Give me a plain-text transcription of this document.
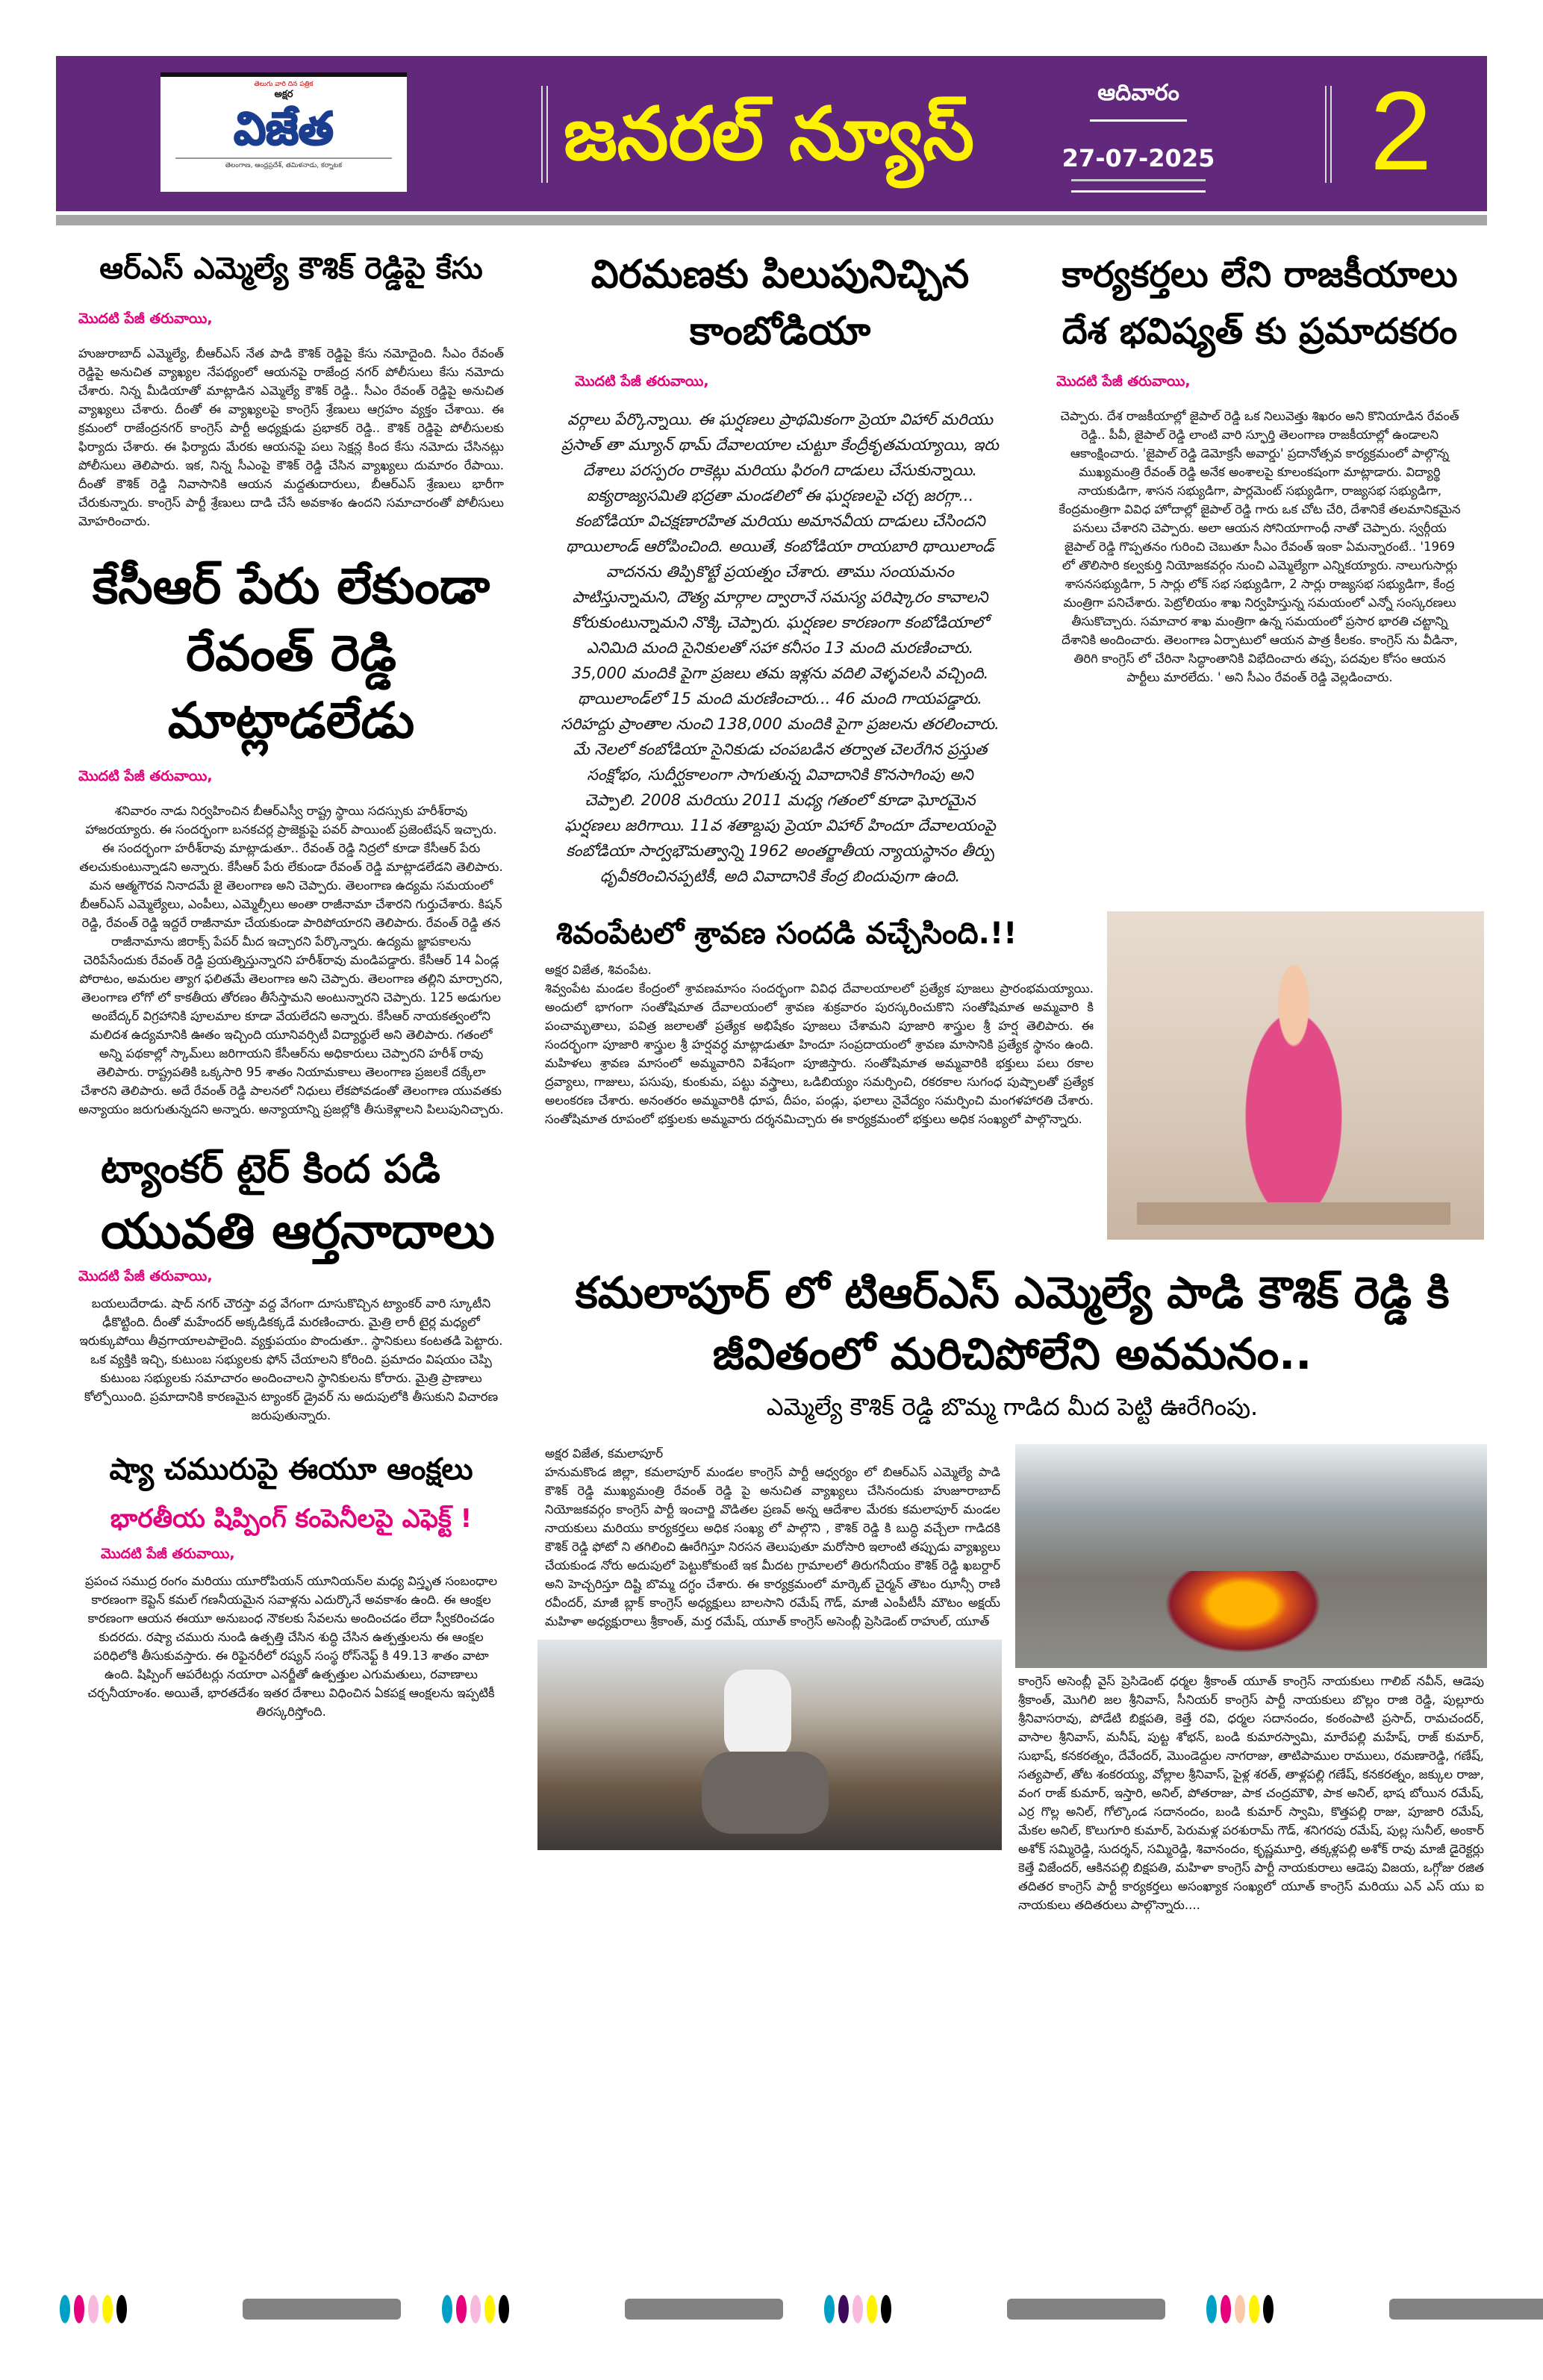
తెలుగు వారి దిన పత్రిక
అక్షర
విజేత
తెలంగాణ, ఆంధ్రప్రదేశ్, తమిళనాడు, కర్నాటక	జనరల్ న్యూస్	ఆదివారం
27-07-2025 2
ఆర్ఎస్ ఎమ్మెల్యే కౌశిక్ రెడ్డిపై కేసు
మొదటి పేజీ తరువాయి,

హుజురాబాద్ ఎమ్మెల్యే, బీఆర్ఎస్ నేత పాడి కౌశిక్ రెడ్డిపై కేసు నమోదైంది. సీఎం రేవంత్ రెడ్డిపై అనుచిత వ్యాఖ్యల నేపథ్యంలో ఆయనపై రాజేంద్ర నగర్ పోలీసులు కేసు నమోదు చేశారు. నిన్న మీడియాతో మాట్లాడిన ఎమ్మెల్యే కౌశిక్ రెడ్డి.. సీఎం రేవంత్ రెడ్డిపై అనుచిత వ్యాఖ్యలు చేశారు. దీంతో ఈ వ్యాఖ్యలపై కాంగ్రెస్ శ్రేణులు ఆగ్రహం వ్యక్తం చేశాయి. ఈ క్రమంలో రాజేంద్రనగర్ కాంగ్రెస్ పార్టీ అధ్యక్షుడు ప్రభాకర్ రెడ్డి.. కౌశిక్ రెడ్డిపై పోలీసులకు ఫిర్యాదు చేశారు. ఈ ఫిర్యాదు మేరకు ఆయనపై పలు సెక్షన్ల కింద కేసు నమోదు చేసినట్లు పోలీసులు తెలిపారు. ఇక, నిన్న సీఎంపై కౌశిక్ రెడ్డి చేసిన వ్యాఖ్యలు దుమారం రేపాయి. దీంతో కౌశిక్ రెడ్డి నివాసానికి ఆయన మద్దతుదారులు, బీఆర్ఎస్ శ్రేణులు భారీగా చేరుకున్నారు. కాంగ్రెస్ పార్టీ శ్రేణులు దాడి చేసే అవకాశం ఉందని సమాచారంతో పోలీసులు మోహరించారు.

కేసీఆర్ పేరు లేకుండా
రేవంత్ రెడ్డి మాట్లాడలేడు
మొదటి పేజీ తరువాయి,

శనివారం నాడు నిర్వహించిన బీఆర్ఎస్వీ రాష్ట్ర స్థాయి సదస్సుకు హరీశ్‌రావు హాజరయ్యారు. ఈ సందర్భంగా బనకచర్ల ప్రాజెక్టుపై పవర్ పాయింట్ ప్రజెంటేషన్ ఇచ్చారు. ఈ సందర్భంగా హరీశ్‌రావు మాట్లాడుతూ.. రేవంత్ రెడ్డి నిద్రలో కూడా కేసీఆర్ పేరు తలచుకుంటున్నాడని అన్నారు. కేసీఆర్ పేరు లేకుండా రేవంత్ రెడ్డి మాట్లాడలేడని తెలిపారు. మన ఆత్మగౌరవ నినాదమే జై తెలంగాణ అని చెప్పారు. తెలంగాణ ఉద్యమ సమయంలో బీఆర్ఎస్ ఎమ్మెల్యేలు, ఎంపీలు, ఎమ్మెల్సీలు అంతా రాజీనామా చేశారని గుర్తుచేశారు. కిషన్ రెడ్డి, రేవంత్ రెడ్డి ఇద్దరే రాజీనామా చేయకుండా పారిపోయారని తెలిపారు. రేవంత్ రెడ్డి తన రాజీనామాను జిరాక్స్ పేపర్ మీద ఇచ్చారని పేర్కొన్నారు. ఉద్యమ జ్ఞాపకాలను చెరిపేసేందుకు రేవంత్ రెడ్డి ప్రయత్నిస్తున్నారని హరీశ్‌రావు మండిపడ్డారు. కేసీఆర్ 14 ఏండ్ల పోరాటం, అమరుల త్యాగ ఫలితమే తెలంగాణ అని చెప్పారు. తెలంగాణ తల్లిని మార్చారని, తెలంగాణ లోగో లో కాకతీయ తోరణం తీసేస్తామని అంటున్నారని చెప్పారు. 125 అడుగుల అంబేద్కర్ విగ్రహానికి పూలమాల కూడా వేయలేదని అన్నారు. కేసీఆర్ నాయకత్వంలోని మలిదశ ఉద్యమానికి ఊతం ఇచ్చింది యూనివర్సిటీ విద్యార్థులే అని తెలిపారు. గతంలో అన్ని పథకాల్లో స్కామ్‌లు జరిగాయని కేసీఆర్‌ను అధికారులు చెప్పారని హరీశ్ రావు తెలిపారు. రాష్ట్రపతికి ఒక్కసారి 95 శాతం నియామకాలు తెలంగాణ ప్రజలకే దక్కేలా చేశారని తెలిపారు. అదే రేవంత్ రెడ్డి పాలనలో నిధులు లేకపోవడంతో తెలంగాణ యువతకు అన్యాయం జరుగుతున్నదని అన్నారు. అన్యాయాన్ని ప్రజల్లోకి తీసుకెళ్లాలని పిలుపునిచ్చారు.

ట్యాంకర్ టైర్ కింద పడి
యువతి ఆర్తనాదాలు
మొదటి పేజీ తరువాయి,

బయలుదేరాడు. షాద్ నగర్ చౌరస్తా వద్ద వేగంగా దూసుకొచ్చిన ట్యాంకర్ వారి స్కూటీని ఢీకొట్టింది. దీంతో మహేందర్ అక్కడికక్కడే మరణించారు. మైత్రి లారీ టైర్ల మధ్యలో ఇరుక్కుపోయి తీవ్రగాయాలపాలైంది. వ్యక్తుపయం పొందుతూ.. స్థానికులు కంటతడి పెట్టారు. ఒక వ్యక్తికి ఇచ్చి, కుటుంబ సభ్యులకు ఫోన్ చేయాలని కోరింది. ప్రమాదం విషయం చెప్పి కుటుంబ సభ్యులకు సమాచారం అందించాలని స్థానికులను కోరారు. మైత్రి ప్రాణాలు కోల్పోయింది. ప్రమాదానికి కారణమైన ట్యాంకర్ డ్రైవర్ ను అదుపులోకి తీసుకుని విచారణ జరుపుతున్నారు.

ష్యా చమురుపై ఈయూ ఆంక్షలు
భారతీయ షిప్పింగ్ కంపెనీలపై ఎఫెక్ట్ !
మొదటి పేజీ తరువాయి,

ప్రపంచ సముద్ర రంగం మరియు యూరోపియన్ యూనియన్‌ల మధ్య విస్తృత సంబంధాల కారణంగా కెప్టెన్ కమల్ గణనీయమైన సవాళ్లను ఎదుర్కొనే అవకాశం ఉంది. ఈ ఆంక్షల కారణంగా ఆయన ఈయూ అనుబంధ నౌకలకు సేవలను అందించడం లేదా స్వీకరించడం కుదరదు. రష్యా చమురు నుండి ఉత్పత్తి చేసిన శుద్ధి చేసిన ఉత్పత్తులను ఈ ఆంక్షల పరిధిలోకి తీసుకువస్తారు. ఈ రిఫైనరీలో రష్యన్ సంస్థ రోస్‌నెఫ్ట్ కి 49.13 శాతం వాటా ఉంది. షిప్పింగ్ ఆపరేటర్లు నయారా ఎనర్జీతో ఉత్పత్తుల ఎగుమతులు, రవాణాలు చర్చనీయాంశం. అయితే, భారతదేశం ఇతర దేశాలు విధించిన ఏకపక్ష ఆంక్షలను ఇప్పటికీ తిరస్కరిస్తోంది.

విరమణకు పిలుపునిచ్చిన
కాంబోడియా
మొదటి పేజీ తరువాయి,

వర్గాలు పేర్కొన్నాయి. ఈ ఘర్షణలు ప్రాథమికంగా ప్రెయా విహార్ మరియు ప్రసాత్ తా మ్యూన్ థామ్ దేవాలయాల చుట్టూ కేంద్రీకృతమయ్యాయి, ఇరు దేశాలు పరస్పరం రాకెట్లు మరియు ఫిరంగి దాడులు చేసుకున్నాయి. ఐక్యరాజ్యసమితి భద్రతా మండలిలో ఈ ఘర్షణలపై చర్చ జరగ్గా... కంబోడియా విచక్షణారహిత మరియు అమానవీయ దాడులు చేసిందని థాయిలాండ్ ఆరోపించింది. అయితే, కంబోడియా రాయబారి థాయిలాండ్ వాదనను తిప్పికొట్టే ప్రయత్నం చేశారు. తాము సంయమనం పాటిస్తున్నామని, దౌత్య మార్గాల ద్వారానే సమస్య పరిష్కారం కావాలని కోరుకుంటున్నామని నొక్కి చెప్పారు. ఘర్షణల కారణంగా కంబోడియాలో ఎనిమిది మంది సైనికులతో సహా కనీసం 13 మంది మరణించారు. 35,000 మందికి పైగా ప్రజలు తమ ఇళ్లను వదిలి వెళ్ళవలసి వచ్చింది. థాయిలాండ్‌లో 15 మంది మరణించారు... 46 మంది గాయపడ్డారు. సరిహద్దు ప్రాంతాల నుంచి 138,000 మందికి పైగా ప్రజలను తరలించారు. మే నెలలో కంబోడియా సైనికుడు చంపబడిన తర్వాత చెలరేగిన ప్రస్తుత సంక్షోభం, సుదీర్ఘకాలంగా సాగుతున్న వివాదానికి కొనసాగింపు అని చెప్పాలి. 2008 మరియు 2011 మధ్య గతంలో కూడా ఘోరమైన ఘర్షణలు జరిగాయి. 11వ శతాబ్దపు ప్రెయా విహార్ హిందూ దేవాలయంపై కంబోడియా సార్వభౌమత్వాన్ని 1962 అంతర్జాతీయ న్యాయస్థానం తీర్పు ధృవీకరించినప్పటికీ, అది వివాదానికి కేంద్ర బిందువుగా ఉంది.

కార్యకర్తలు లేని రాజకీయాలు
దేశ భవిష్యత్ కు ప్రమాదకరం
మొదటి పేజీ తరువాయి,

చెప్పారు. దేశ రాజకీయాల్లో జైపాల్ రెడ్డి ఒక నిలువెత్తు శిఖరం అని కొనియాడిన రేవంత్ రెడ్డి.. పీవీ, జైపాల్ రెడ్డి లాంటి వారి స్ఫూర్తి తెలంగాణ రాజకీయాల్లో ఉండాలని ఆకాంక్షించారు. 'జైపాల్ రెడ్డి డెమోక్రసీ అవార్డు' ప్రదానోత్సవ కార్యక్రమంలో పాల్గొన్న ముఖ్యమంత్రి రేవంత్ రెడ్డి అనేక అంశాలపై కూలంకషంగా మాట్లాడారు. విద్యార్థి నాయకుడిగా, శాసన సభ్యుడిగా, పార్లమెంట్ సభ్యుడిగా, రాజ్యసభ సభ్యుడిగా, కేంద్రమంత్రిగా వివిధ హోదాల్లో జైపాల్ రెడ్డి గారు ఒక చోట చేరి, దేశానికే తలమానికమైన పనులు చేశారని చెప్పారు. అలా ఆయన సోనియాగాంధీ నాతో చెప్పారు. స్వర్గీయ జైపాల్ రెడ్డి గొప్పతనం గురించి చెబుతూ సీఎం రేవంత్ ఇంకా ఏమన్నారంటే.. '1969 లో తొలిసారి కల్వకుర్తి నియోజకవర్గం నుంచి ఎమ్మెల్యేగా ఎన్నికయ్యారు. నాలుగుసార్లు శాసనసభ్యుడిగా, 5 సార్లు లోక్ సభ సభ్యుడిగా, 2 సార్లు రాజ్యసభ సభ్యుడిగా, కేంద్ర మంత్రిగా పనిచేశారు. పెట్రోలియం శాఖ నిర్వహిస్తున్న సమయంలో ఎన్నో సంస్కరణలు తీసుకొచ్చారు. సమాచార శాఖ మంత్రిగా ఉన్న సమయంలో ప్రసార భారతి చట్టాన్ని దేశానికి అందించారు. తెలంగాణ ఏర్పాటులో ఆయన పాత్ర కీలకం. కాంగ్రెస్ ను వీడినా, తిరిగి కాంగ్రెస్ లో చేరినా సిద్ధాంతానికి విభేదించారు తప్ప, పదవుల కోసం ఆయన పార్టీలు మారలేదు. ' అని సీఎం రేవంత్ రెడ్డి వెల్లడించారు.

శివంపేటలో శ్రావణ సందడి వచ్చేసింది.!!
అక్షర విజేత, శివంపేట.

శివ్వంపేట మండల కేంద్రంలో శ్రావణమాసం సందర్భంగా వివిధ దేవాలయాలలో ప్రత్యేక పూజలు ప్రారంభమయ్యాయి. అందులో భాగంగా సంతోషిమాత దేవాలయంలో శ్రావణ శుక్రవారం పురస్కరించుకొని సంతోషిమాత అమ్మవారి కి పంచామృతాలు, పవిత్ర జలాలతో ప్రత్యేక అభిషేకం పూజలు చేశామని పూజారి శాస్త్రుల శ్రీ హర్ష తెలిపారు. ఈ సందర్భంగా పూజారి శాస్త్రుల శ్రీ హర్షవర్ధ మాట్లాడుతూ హిందూ సంప్రదాయంలో శ్రావణ మాసానికి ప్రత్యేక స్థానం ఉంది. మహిళలు శ్రావణ మాసంలో అమ్మవారిని విశేషంగా పూజిస్తారు. సంతోషిమాత అమ్మవారికి భక్తులు పలు రకాల ద్రవ్యాలు, గాజులు, పసుపు, కుంకుమ, పట్టు వస్త్రాలు, ఒడిబియ్యం సమర్పించి, రకరకాల సుగంధ పుష్పాలతో ప్రత్యేక అలంకరణ చేశారు. అనంతరం అమ్మవారికి ధూప, దీపం, పండ్లు, ఫలాలు నైవేద్యం సమర్పించి మంగళహారతి చేశారు. సంతోషిమాత రూపంలో భక్తులకు అమ్మవారు దర్శనమిచ్చారు ఈ కార్యక్రమంలో భక్తులు అధిక సంఖ్యలో పాల్గొన్నారు.

కమలాపూర్ లో టిఆర్ఎస్ ఎమ్మెల్యే పాడి కౌశిక్ రెడ్డి కి
జీవితంలో మరిచిపోలేని అవమనం..
ఎమ్మెల్యే కౌశిక్ రెడ్డి బొమ్మ గాడిద మీద పెట్టి ఊరేగింపు.
అక్షర విజేత, కమలాపూర్

హనుమకొండ జిల్లా, కమలాపూర్ మండల కాంగ్రెస్ పార్టీ ఆధ్వర్యం లో బిఆర్ఎస్ ఎమ్మెల్యే పాడి కౌశిక్ రెడ్డి ముఖ్యమంత్రి రేవంత్ రెడ్డి పై అనుచిత వ్యాఖ్యలు చేసినందుకు హుజూరాబాద్ నియోజకవర్గం కాంగ్రెస్ పార్టీ ఇంచార్జి వొడితల ప్రణవ్ అన్న ఆదేశాల మేరకు కమలాపూర్ మండల నాయకులు మరియు కార్యకర్తలు అధిక సంఖ్య లో పాల్గొని , కౌశిక్ రెడ్డి కి బుద్ధి వచ్చేలా గాడిదకి కౌశిక్ రెడ్డి ఫోటో ని తగిలించి ఊరేగిస్తూ నిరసన తెలుపుతూ మరోసారి ఇలాంటి తప్పుడు వ్యాఖ్యలు చేయకుండ నోరు అదుపులో పెట్టుకోకుంటే ఇక మీదట గ్రామాలలో తిరుగనీయం కౌశిక్ రెడ్డి ఖబర్దార్ అని హెచ్చరిస్తూ దిష్టి బొమ్మ దగ్ధం చేశారు. ఈ కార్యక్రమంలో మార్కెట్ చైర్మన్ తౌటం ఝాన్సీ రాణి రవీందర్, మాజీ బ్లాక్ కాంగ్రెస్ అధ్యక్షులు బాలసాని రమేష్ గౌడ్, మాజీ ఎంపీటీసీ మౌటం అక్షయ్ మహిళా అధ్యక్షురాలు శ్రీకాంత్, మర్త రమేష్, యూత్ కాంగ్రెస్ అసెంబ్లీ ప్రెసిడెంట్ రాహుల్, యూత్

కాంగ్రెస్ అసెంబ్లీ వైస్ ప్రెసిడెంట్ ధర్మల శ్రీకాంత్ యూత్ కాంగ్రెస్ నాయకులు గాలిబ్ నవీన్, ఆడెపు శ్రీకాంత్, మొగిలి జల శ్రీనివాస్, సీనియర్ కాంగ్రెస్ పార్టీ నాయకులు బొల్లం రాజి రెడ్డి, పుల్లూరు శ్రీనివాసరావు, పోడేటి బిక్షపతి, కెత్తే రవి, ధర్మల సదానందం, కంఠంపాటి ప్రసాద్, రామచందర్, వాసాల శ్రీనివాస్, మనీష్, పుట్ట శోభన్, బండి కుమారస్వామి, మారేపల్లి మహేష్, రాజ్ కుమార్, సుభాష్, కనకరత్నం, దేవేందర్, మొండెద్దుల నాగరాజు, తాటిపాముల రాములు, రమణారెడ్డి, గణేష్, సత్యపాల్, తోట శంకరయ్య, వోల్లాల శ్రీనివాస్, పైళ్ల శరత్, తాళ్లపల్లి గణేష్, కనకరత్నం, జక్కుల రాజు, వంగ రాజ్ కుమార్, ఇస్తారి, అనిల్, పోతరాజు, పాక చంద్రమౌళి, పాక అనిల్, భాష బోయిన రమేష్, ఎర్ర గొల్ల అనిల్, గోల్కొండ సదానందం, బండి కుమార్ స్వామి, కొత్తపల్లి రాజు, పూజారి రమేష్, మేకల అనిల్, కొలుగూరి కుమార్, పెరుమళ్ల పరశురామ్ గౌడ్, శనిగరపు రమేష్, పుల్ల సునీల్, అంకార్ అశోక్ సమ్మిరెడ్డి, సుదర్శన్, సమ్మిరెడ్డి, శివానందం, కృష్ణమూర్తి, తక్కళ్లపల్లి అశోక్ రావు మాజీ డైరెక్టర్లు కెత్తే విజేందర్, ఆకినపల్లి బిక్షపతి, మహిళా కాంగ్రెస్ పార్టీ నాయకురాలు ఆడెపు విజయ, ఒగ్గోజు రజిత తదితర కాంగ్రెస్ పార్టీ కార్యకర్తలు అసంఖ్యాక సంఖ్యలో యూత్ కాంగ్రెస్ మరియు ఎన్ ఎస్ యు ఐ నాయకులు తదితరులు పాల్గొన్నారు....
